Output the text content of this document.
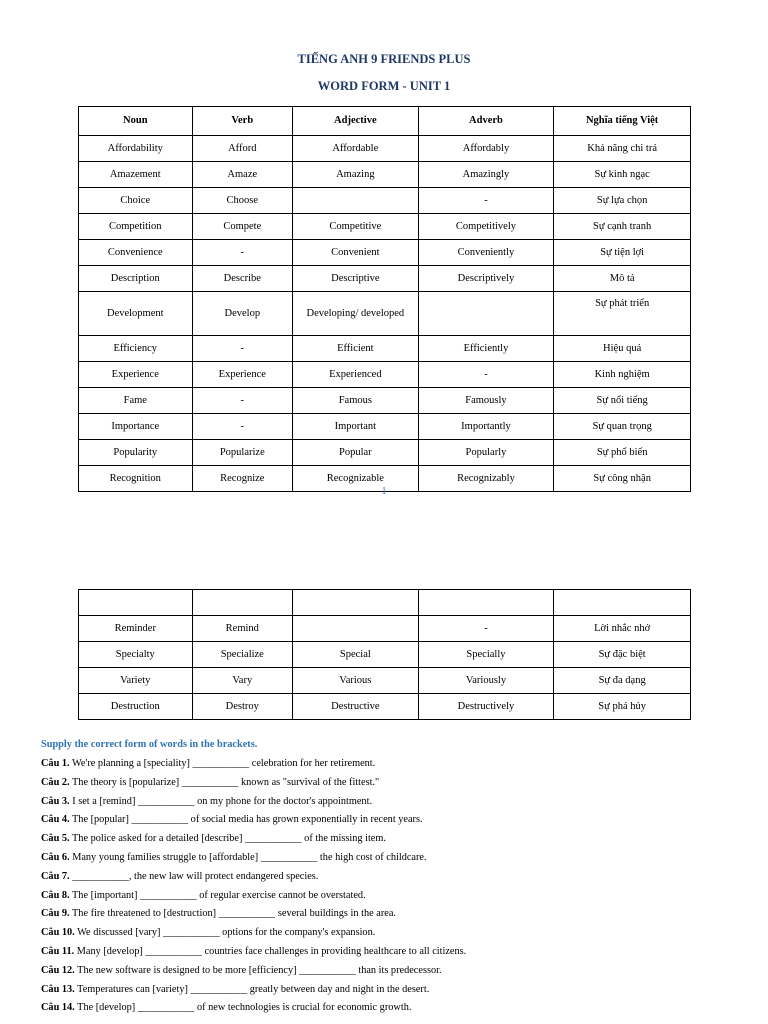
TIẾNG ANH 9 FRIENDS PLUS
WORD FORM - UNIT 1
Noun	Verb	Adjective	Adverb	Nghĩa tiếng Việt
Affordability	Afford	Affordable	Affordably	Khả năng chi trả
Amazement	Amaze	Amazing	Amazingly	Sự kinh ngạc
Choice	Choose		-	Sự lựa chọn
Competition	Compete	Competitive	Competitively	Sự cạnh tranh
Convenience	-	Convenient	Conveniently	Sự tiện lợi
Description	Describe	Descriptive	Descriptively	Mô tả
Development	Develop	Developing/ developed		Sự phát triển
Efficiency	-	Efficient	Efficiently	Hiệu quả
Experience	Experience	Experienced	-	Kinh nghiệm
Fame	-	Famous	Famously	Sự nổi tiếng
Importance	-	Important	Importantly	Sự quan trọng
Popularity	Popularize	Popular	Popularly	Sự phổ biến
Recognition	Recognize	Recognizable	Recognizably	Sự công nhận
1

Reminder	Remind		-	Lời nhắc nhở
Specialty	Specialize	Special	Specially	Sự đặc biệt
Variety	Vary	Various	Variously	Sự đa dạng
Destruction	Destroy	Destructive	Destructively	Sự phá hủy
Supply the correct form of words in the brackets.
Câu 1. We're planning a [speciality] ___________ celebration for her retirement.
Câu 2. The theory is [popularize] ___________ known as "survival of the fittest."
Câu 3. I set a [remind] ___________ on my phone for the doctor's appointment.
Câu 4. The [popular] ___________ of social media has grown exponentially in recent years.
Câu 5. The police asked for a detailed [describe] ___________ of the missing item.
Câu 6. Many young families struggle to [affordable] ___________ the high cost of childcare.
Câu 7. ___________, the new law will protect endangered species.
Câu 8. The [important] ___________ of regular exercise cannot be overstated.
Câu 9. The fire threatened to [destruction] ___________ several buildings in the area.
Câu 10. We discussed [vary] ___________ options for the company's expansion.
Câu 11. Many [develop] ___________ countries face challenges in providing healthcare to all citizens.
Câu 12. The new software is designed to be more [efficiency] ___________ than its predecessor.
Câu 13. Temperatures can [variety] ___________ greatly between day and night in the desert.
Câu 14. The [develop] ___________ of new technologies is crucial for economic growth.
